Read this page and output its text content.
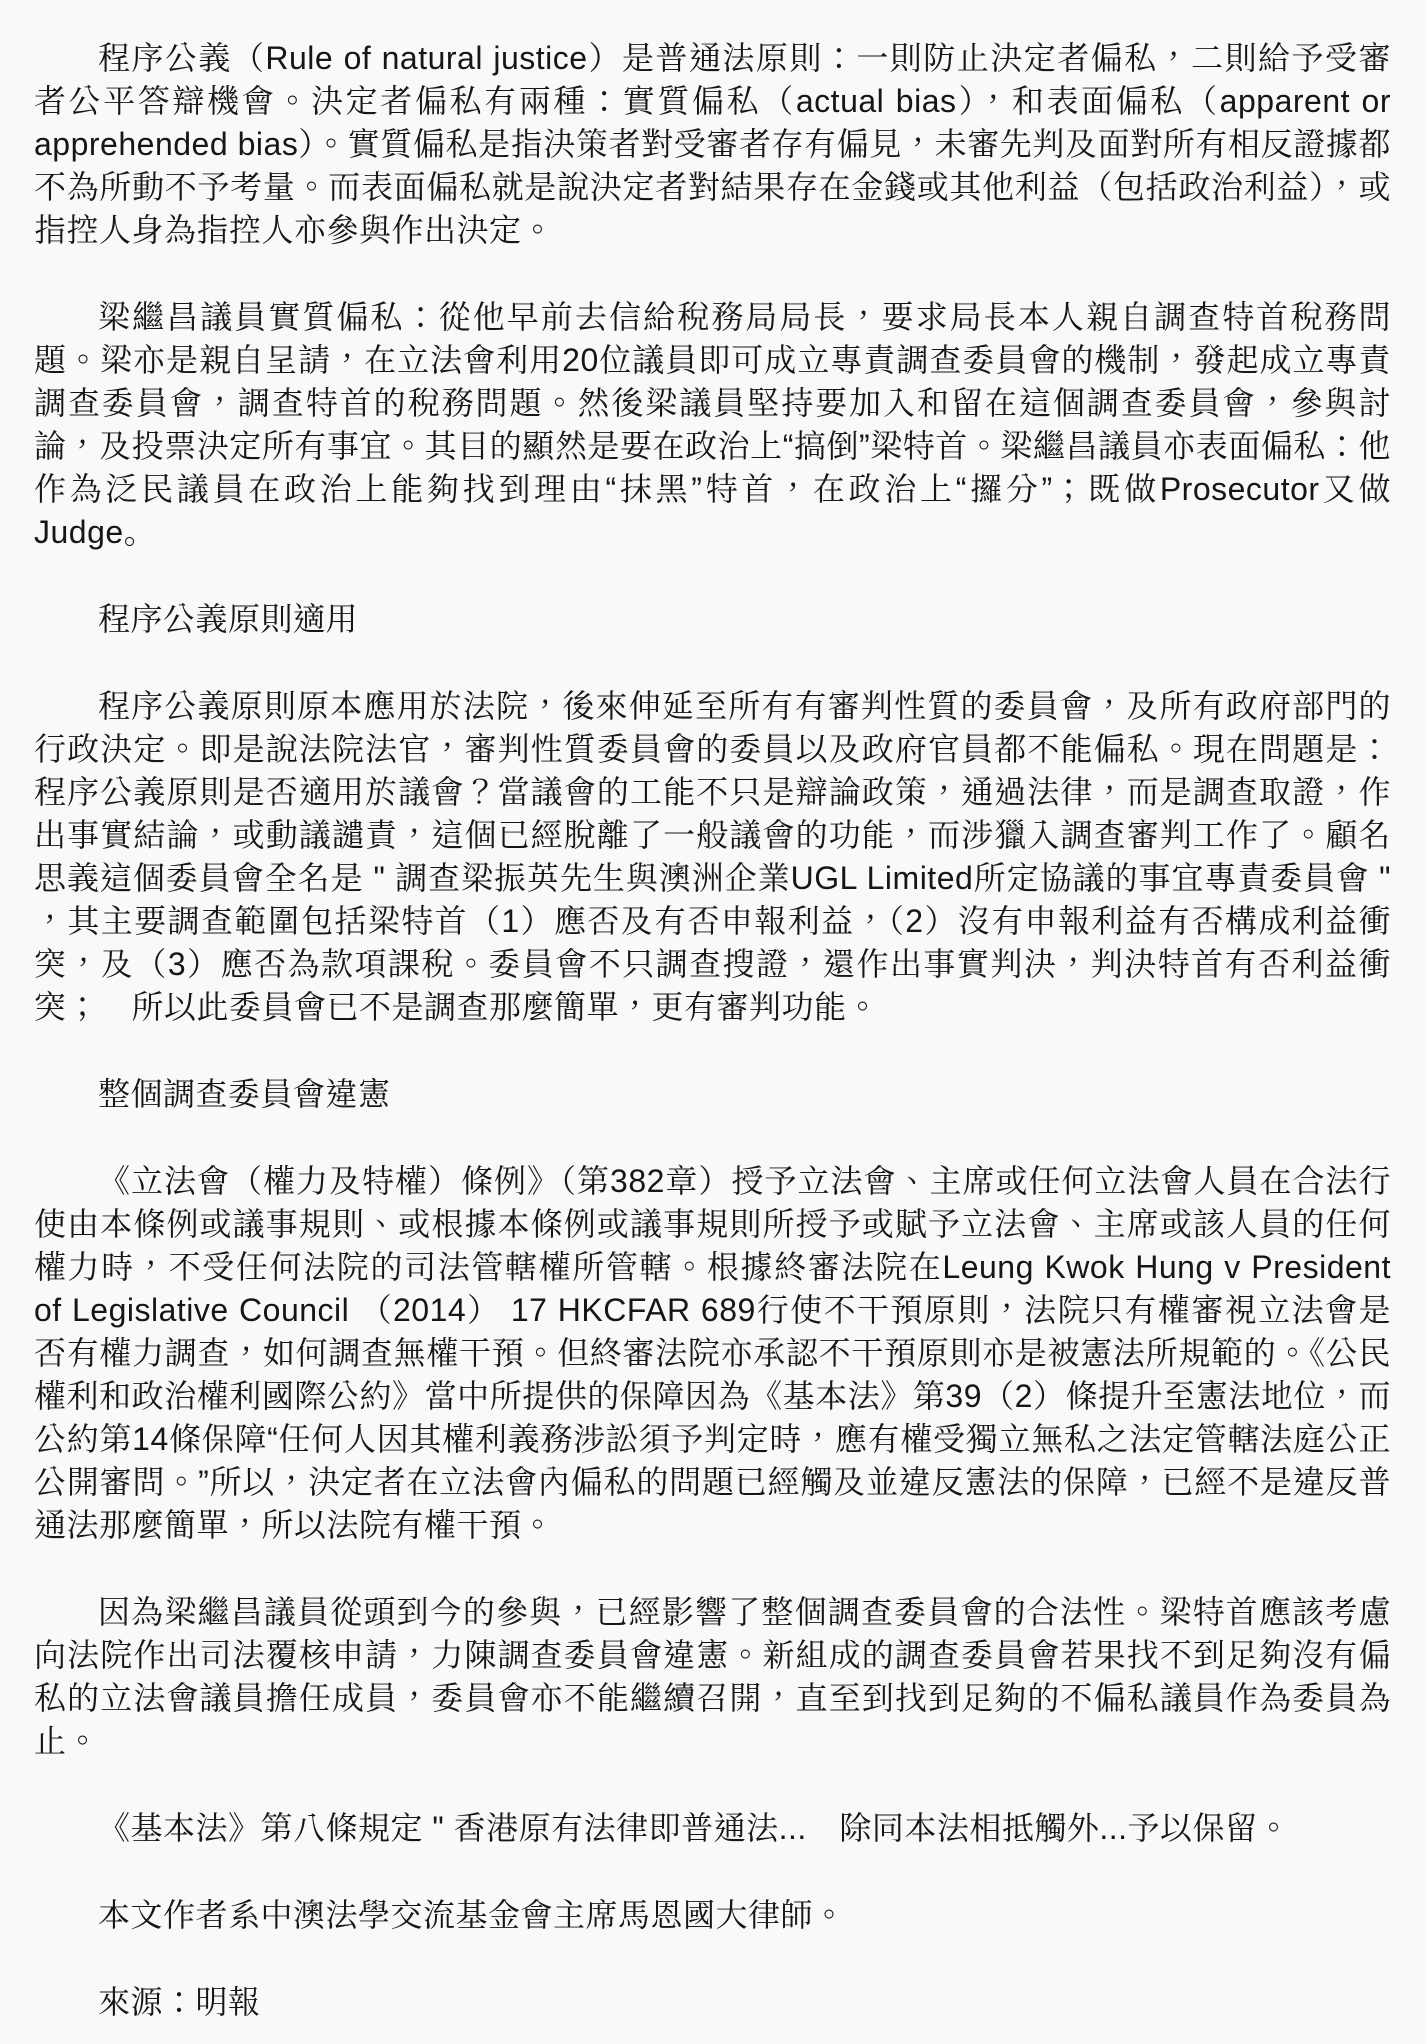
程序公義（Rule of natural justice）是普通法原則：一則防止決定者偏私，二則給予受審者公平答辯機會。決定者偏私有兩種：實質偏私（actual bias），和表面偏私（apparent or apprehended bias）。實質偏私是指決策者對受審者存有偏見，未審先判及面對所有相反證據都不為所動不予考量。而表面偏私就是說決定者對結果存在金錢或其他利益（包括政治利益），或指控人身為指控人亦參與作出決定。

梁繼昌議員實質偏私：從他早前去信給稅務局局長，要求局長本人親自調查特首稅務問題。梁亦是親自呈請，在立法會利用20位議員即可成立專責調查委員會的機制，發起成立專責調查委員會，調查特首的稅務問題。然後梁議員堅持要加入和留在這個調查委員會，參與討論，及投票決定所有事宜。其目的顯然是要在政治上“搞倒”梁特首。梁繼昌議員亦表面偏私：他作為泛民議員在政治上能夠找到理由“抹黑”特首，在政治上“攞分”；既做Prosecutor又做Judge。

程序公義原則適用

程序公義原則原本應用於法院，後來伸延至所有有審判性質的委員會，及所有政府部門的行政決定。即是說法院法官，審判性質委員會的委員以及政府官員都不能偏私。現在問題是：程序公義原則是否適用於議會？當議會的工能不只是辯論政策，通過法律，而是調查取證，作出事實結論，或動議譴責，這個已經脫離了一般議會的功能，而涉獵入調查審判工作了。顧名思義這個委員會全名是 " 調查梁振英先生與澳洲企業UGL Limited所定協議的事宜專責委員會 " ，其主要調查範圍包括梁特首（1）應否及有否申報利益，（2）沒有申報利益有否構成利益衝突，及（3）應否為款項課稅。委員會不只調查搜證，還作出事實判決，判決特首有否利益衝突；　所以此委員會已不是調查那麼簡單，更有審判功能。

整個調查委員會違憲

《立法會（權力及特權）條例》（第382章）授予立法會、主席或任何立法會人員在合法行使由本條例或議事規則、或根據本條例或議事規則所授予或賦予立法會、主席或該人員的任何權力時，不受任何法院的司法管轄權所管轄。根據終審法院在Leung Kwok Hung v President of Legislative Council （2014） 17 HKCFAR 689行使不干預原則，法院只有權審視立法會是否有權力調查，如何調查無權干預。但終審法院亦承認不干預原則亦是被憲法所規範的。《公民權利和政治權利國際公約》當中所提供的保障因為《基本法》第39（2）條提升至憲法地位，而公約第14條保障“任何人因其權利義務涉訟須予判定時，應有權受獨立無私之法定管轄法庭公正公開審問。”所以，決定者在立法會內偏私的問題已經觸及並違反憲法的保障，已經不是違反普通法那麼簡單，所以法院有權干預。

因為梁繼昌議員從頭到今的參與，已經影響了整個調查委員會的合法性。梁特首應該考慮向法院作出司法覆核申請，力陳調查委員會違憲。新組成的調查委員會若果找不到足夠沒有偏私的立法會議員擔任成員，委員會亦不能繼續召開，直至到找到足夠的不偏私議員作為委員為止。

《基本法》第八條規定 " 香港原有法律即普通法...　除同本法相抵觸外...予以保留。

本文作者系中澳法學交流基金會主席馬恩國大律師。

來源：明報
